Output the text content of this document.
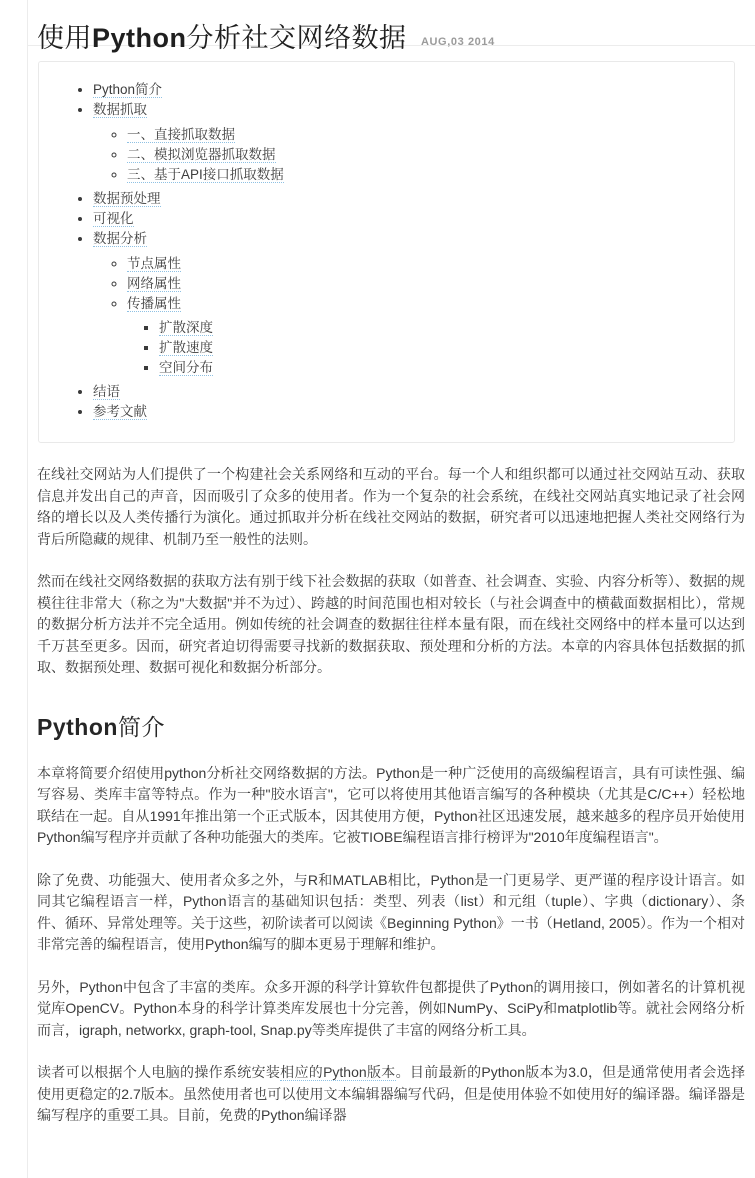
使用Python分析社交网络数据 AUG,03 2014
• Python简介
• 数据抓取
◦ 一、直接抓取数据
◦ 二、模拟浏览器抓取数据
◦ 三、基于API接口抓取数据
• 数据预处理
• 可视化
• 数据分析
◦ 节点属性
◦ 网络属性
◦ 传播属性
▪ 扩散深度
▪ 扩散速度
▪ 空间分布
• 结语
• 参考文献

在线社交网站为人们提供了一个构建社会关系网络和互动的平台。每一个人和组织都可以通过社交网站互动、获取信息并发出自己的声音，因而吸引了众多的使用者。作为一个复杂的社会系统，在线社交网站真实地记录了社会网络的增长以及人类传播行为演化。通过抓取并分析在线社交网站的数据，研究者可以迅速地把握人类社交网络行为背后所隐藏的规律、机制乃至一般性的法则。

然而在线社交网络数据的获取方法有别于线下社会数据的获取（如普查、社会调查、实验、内容分析等）、数据的规模往往非常大（称之为"大数据"并不为过）、跨越的时间范围也相对较长（与社会调查中的横截面数据相比），常规的数据分析方法并不完全适用。例如传统的社会调查的数据往往样本量有限，而在线社交网络中的样本量可以达到千万甚至更多。因而，研究者迫切得需要寻找新的数据获取、预处理和分析的方法。本章的内容具体包括数据的抓取、数据预处理、数据可视化和数据分析部分。

Python简介

本章将简要介绍使用python分析社交网络数据的方法。Python是一种广泛使用的高级编程语言，具有可读性强、编写容易、类库丰富等特点。作为一种"胶水语言"，它可以将使用其他语言编写的各种模块（尤其是C/C++）轻松地联结在一起。自从1991年推出第一个正式版本，因其使用方便，Python社区迅速发展，越来越多的程序员开始使用Python编写程序并贡献了各种功能强大的类库。它被TIOBE编程语言排行榜评为"2010年度编程语言"。

除了免费、功能强大、使用者众多之外，与R和MATLAB相比，Python是一门更易学、更严谨的程序设计语言。如同其它编程语言一样，Python语言的基础知识包括：类型、列表（list）和元组（tuple）、字典（dictionary）、条件、循环、异常处理等。关于这些，初阶读者可以阅读《Beginning Python》一书（Hetland, 2005）。作为一个相对非常完善的编程语言，使用Python编写的脚本更易于理解和维护。

另外，Python中包含了丰富的类库。众多开源的科学计算软件包都提供了Python的调用接口，例如著名的计算机视觉库OpenCV。Python本身的科学计算类库发展也十分完善，例如NumPy、SciPy和matplotlib等。就社会网络分析而言，igraph, networkx, graph-tool, Snap.py等类库提供了丰富的网络分析工具。

读者可以根据个人电脑的操作系统安装相应的Python版本。目前最新的Python版本为3.0，但是通常使用者会选择使用更稳定的2.7版本。虽然使用者也可以使用文本编辑器编写代码，但是使用体验不如使用好的编译器。编译器是编写程序的重要工具。目前，免费的Python编译器
